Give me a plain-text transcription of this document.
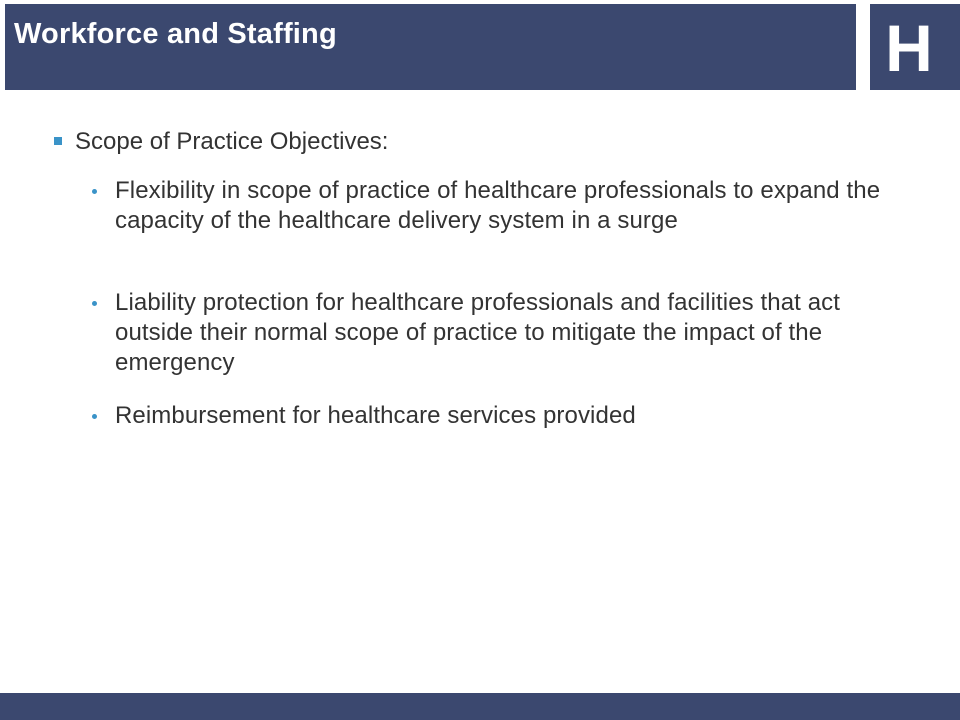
Workforce and Staffing	H
Scope of Practice Objectives:
Flexibility in scope of practice of healthcare professionals to expand the capacity of the healthcare delivery system in a surge
Liability protection for healthcare professionals and facilities that act outside their normal scope of practice to mitigate the impact of the emergency
Reimbursement for healthcare services provided
